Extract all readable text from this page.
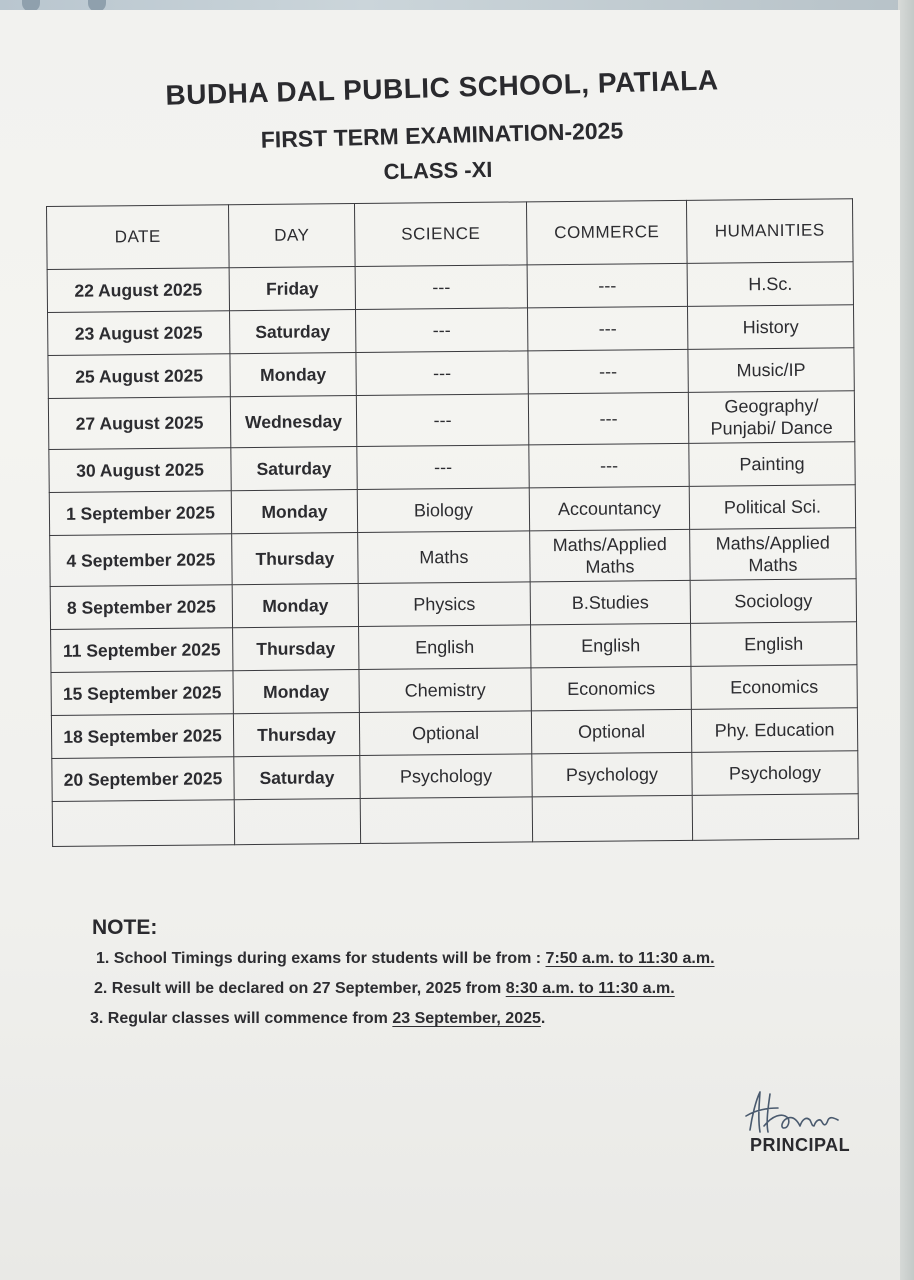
BUDHA DAL PUBLIC SCHOOL, PATIALA
FIRST TERM EXAMINATION-2025
CLASS -XI
DATE	DAY	SCIENCE	COMMERCE	HUMANITIES
22 August 2025	Friday	---	---	H.Sc.
23 August 2025	Saturday	---	---	History
25 August 2025	Monday	---	---	Music/IP
27 August 2025	Wednesday	---	---	Geography/ Punjabi/ Dance
30 August 2025	Saturday	---	---	Painting
1 September 2025	Monday	Biology	Accountancy	Political Sci.
4 September 2025	Thursday	Maths	Maths/Applied Maths	Maths/Applied Maths
8 September 2025	Monday	Physics	B.Studies	Sociology
11 September 2025	Thursday	English	English	English
15 September 2025	Monday	Chemistry	Economics	Economics
18 September 2025	Thursday	Optional	Optional	Phy. Education
20 September 2025	Saturday	Psychology	Psychology	Psychology

NOTE:
1. School Timings during exams for students will be from : 7:50 a.m. to 11:30 a.m.
2. Result will be declared on 27 September, 2025 from 8:30 a.m. to 11:30 a.m.
3. Regular classes will commence from 23 September, 2025.
PRINCIPAL
